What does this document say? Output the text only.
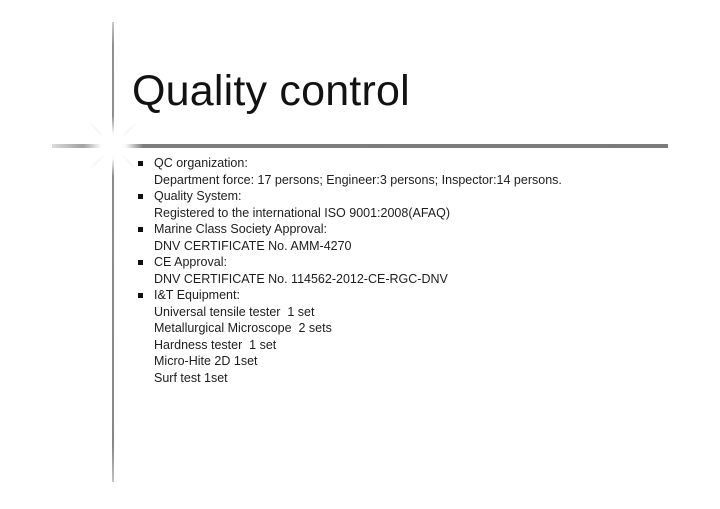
Quality control
QC organization:
Department force: 17 persons; Engineer:3 persons; Inspector:14 persons.
Quality System:
Registered to the international ISO 9001:2008(AFAQ)
Marine Class Society Approval:
DNV CERTIFICATE No. AMM-4270
CE Approval:
DNV CERTIFICATE No. 114562-2012-CE-RGC-DNV
I&T Equipment:
Universal tensile tester  1 set
Metallurgical Microscope  2 sets
Hardness tester  1 set
Micro-Hite 2D 1set
Surf test 1set
